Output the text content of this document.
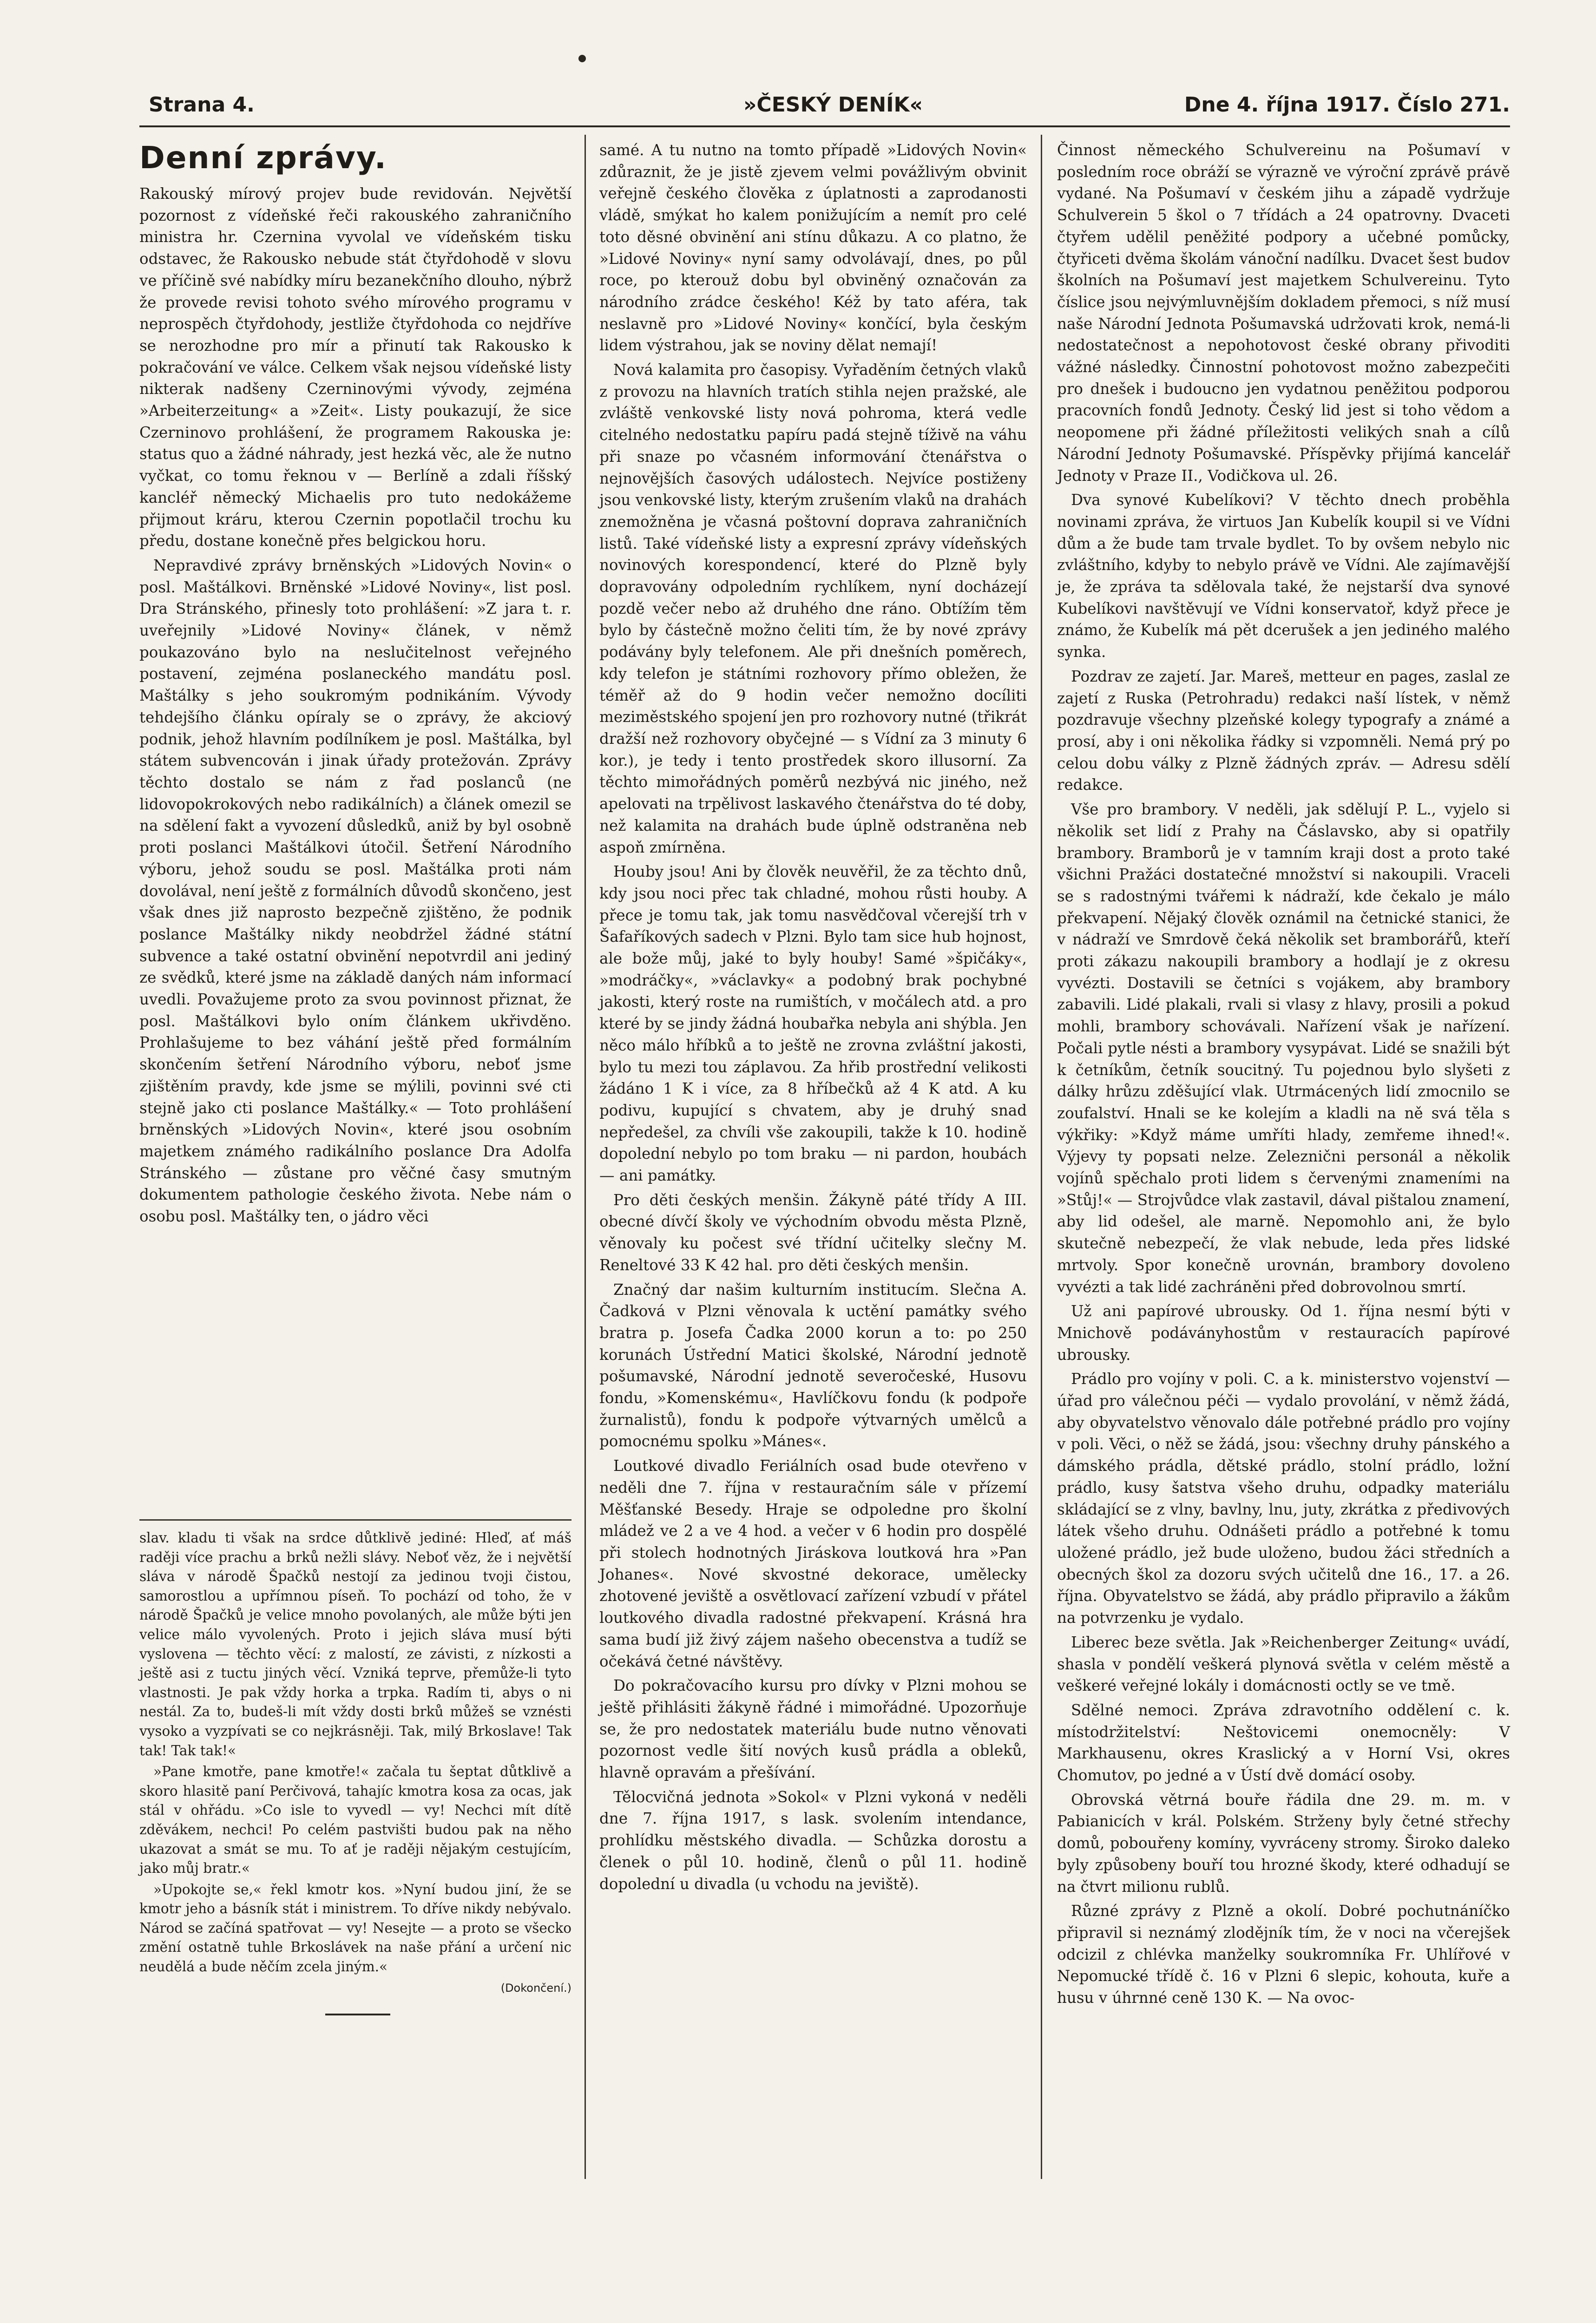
Strana 4.	»ČESKÝ DENÍK«	Dne 4. října 1917. Číslo 271.
Denní zprávy.

Rakouský mírový projev bude revidován. Největší pozornost z vídeňské řeči rakouského zahraničního ministra hr. Czernina vyvolal ve vídeňském tisku odstavec, že Rakousko nebude stát čtyřdohodě v slovu ve příčině své nabídky míru bezanekčního dlouho, nýbrž že provede revisi tohoto svého mírového programu v neprospěch čtyřdohody, jestliže čtyřdohoda co nejdříve se nerozhodne pro mír a přinutí tak Rakousko k pokračování ve válce. Celkem však nejsou vídeňské listy nikterak nadšeny Czerninovými vývody, zejména »Arbeiterzeitung« a »Zeit«. Listy poukazují, že sice Czerninovo prohlášení, že programem Rakouska je: status quo a žádné náhrady, jest hezká věc, ale že nutno vyčkat, co tomu řeknou v — Berlíně a zdali říšský kancléř německý Michaelis pro tuto nedokážeme přijmout kráru, kterou Czernin popotlačil trochu ku předu, dostane konečně přes belgickou horu.

Nepravdivé zprávy brněnských »Lidových Novin« o posl. Maštálkovi. Brněnské »Lidové Noviny«, list posl. Dra Stránského, přinesly toto prohlášení: »Z jara t. r. uveřejnily »Lidové Noviny« článek, v němž poukazováno bylo na neslučitelnost veřejného postavení, zejména poslaneckého mandátu posl. Maštálky s jeho soukromým podnikáním. Vývody tehdejšího článku opíraly se o zprávy, že akciový podnik, jehož hlavním podílníkem je posl. Maštálka, byl státem subvencován i jinak úřady protežován. Zprávy těchto dostalo se nám z řad poslanců (ne lidovopokrokových nebo radikálních) a článek omezil se na sdělení fakt a vyvození důsledků, aniž by byl osobně proti poslanci Maštálkovi útočil. Šetření Národního výboru, jehož soudu se posl. Maštálka proti nám dovolával, není ještě z formálních důvodů skončeno, jest však dnes již naprosto bezpečně zjištěno, že podnik poslance Maštálky nikdy neobdržel žádné státní subvence a také ostatní obvinění nepotvrdil ani jediný ze svědků, které jsme na základě daných nám informací uvedli. Považujeme proto za svou povinnost přiznat, že posl. Maštálkovi bylo oním článkem ukřivděno. Prohlašujeme to bez váhání ještě před formálním skončením šetření Národního výboru, neboť jsme zjištěním pravdy, kde jsme se mýlili, povinni své cti stejně jako cti poslance Maštálky.« — Toto prohlášení brněnských »Lidových Novin«, které jsou osobním majetkem známého radikálního poslance Dra Adolfa Stránského — zůstane pro věčné časy smutným dokumentem pathologie českého života. Nebe nám o osobu posl. Maštálky ten, o jádro věci

slav. kladu ti však na srdce důtklivě jediné: Hleď, ať máš raději více prachu a brků nežli slávy. Neboť věz, že i největší sláva v národě Špačků nestojí za jedinou tvoji čistou, samorostlou a upřímnou píseň. To pochází od toho, že v národě Špačků je velice mnoho povolaných, ale může býti jen velice málo vyvolených. Proto i jejich sláva musí býti vyslovena — těchto věcí: z malostí, ze závisti, z nízkosti a ještě asi z tuctu jiných věcí. Vzniká teprve, přemůže-li tyto vlastnosti. Je pak vždy horka a trpka. Radím ti, abys o ni nestál. Za to, budeš-li mít vždy dosti brků můžeš se vznésti vysoko a vyzpívati se co nejkrásněji. Tak, milý Brkoslave! Tak tak! Tak tak!«

»Pane kmotře, pane kmotře!« začala tu šeptat důtklivě a skoro hlasitě paní Perčivová, tahajíc kmotra kosa za ocas, jak stál v ohřádu. »Co isle to vyvedl — vy! Nechci mít dítě zděvákem, nechci! Po celém pastvišti budou pak na něho ukazovat a smát se mu. To ať je raději nějakým cestujícím, jako můj bratr.«

»Upokojte se,« řekl kmotr kos. »Nyní budou jiní, že se kmotr jeho a básník stát i ministrem. To dříve nikdy nebývalo. Národ se začíná spatřovat — vy! Nesejte — a proto se všecko změní ostatně tuhle Brkoslávek na naše přání a určení nic neudělá a bude něčím zcela jiným.«

(Dokončení.)

samé. A tu nutno na tomto případě »Lidových Novin« zdůraznit, že je jistě zjevem velmi povážlivým obvinit veřejně českého člověka z úplatnosti a zaprodanosti vládě, smýkat ho kalem ponižujícím a nemít pro celé toto děsné obvinění ani stínu důkazu. A co platno, že »Lidové Noviny« nyní samy odvolávají, dnes, po půl roce, po kterouž dobu byl obviněný označován za národního zrádce českého! Kéž by tato aféra, tak neslavně pro »Lidové Noviny« končící, byla českým lidem výstrahou, jak se noviny dělat nemají!

Nová kalamita pro časopisy. Vyřaděním četných vlaků z provozu na hlavních tratích stihla nejen pražské, ale zvláště venkovské listy nová pohroma, která vedle citelného nedostatku papíru padá stejně tíživě na váhu při snaze po včasném informování čtenářstva o nejnovějších časových událostech. Nejvíce postiženy jsou venkovské listy, kterým zrušením vlaků na drahách znemožněna je včasná poštovní doprava zahraničních listů. Také vídeňské listy a expresní zprávy vídeňských novinových korespondencí, které do Plzně byly dopravovány odpoledním rychlíkem, nyní docházejí pozdě večer nebo až druhého dne ráno. Obtížím těm bylo by částečně možno čeliti tím, že by nové zprávy podávány byly telefonem. Ale při dnešních poměrech, kdy telefon je státními rozhovory přímo obležen, že téměř až do 9 hodin večer nemožno docíliti meziměstského spojení jen pro rozhovory nutné (třikrát dražší než rozhovory obyčejné — s Vídní za 3 minuty 6 kor.), je tedy i tento prostředek skoro illusorní. Za těchto mimořádných poměrů nezbývá nic jiného, než apelovati na trpělivost laskavého čtenářstva do té doby, než kalamita na drahách bude úplně odstraněna neb aspoň zmírněna.

Houby jsou! Ani by člověk neuvěřil, že za těchto dnů, kdy jsou noci přec tak chladné, mohou růsti houby. A přece je tomu tak, jak tomu nasvědčoval včerejší trh v Šafaříkových sadech v Plzni. Bylo tam sice hub hojnost, ale bože můj, jaké to byly houby! Samé »špičáky«, »modráčky«, »václavky« a podobný brak pochybné jakosti, který roste na rumištích, v močálech atd. a pro které by se jindy žádná houbařka nebyla ani shýbla. Jen něco málo hříbků a to ještě ne zrovna zvláštní jakosti, bylo tu mezi tou záplavou. Za hřib prostřední velikosti žádáno 1 K i více, za 8 hříbečků až 4 K atd. A ku podivu, kupující s chvatem, aby je druhý snad nepředešel, za chvíli vše zakoupili, takže k 10. hodině dopolední nebylo po tom braku — ni pardon, houbách — ani památky.

Pro děti českých menšin. Žákyně páté třídy A III. obecné dívčí školy ve východním obvodu města Plzně, věnovaly ku počest své třídní učitelky slečny M. Reneltové 33 K 42 hal. pro děti českých menšin.

Značný dar našim kulturním institucím. Slečna A. Čadková v Plzni věnovala k uctění památky svého bratra p. Josefa Čadka 2000 korun a to: po 250 korunách Ústřední Matici školské, Národní jednotě pošumavské, Národní jednotě severočeské, Husovu fondu, »Komenskému«, Havlíčkovu fondu (k podpoře žurnalistů), fondu k podpoře výtvarných umělců a pomocnému spolku »Mánes«.

Loutkové divadlo Feriálních osad bude otevřeno v neděli dne 7. října v restauračním sále v přízemí Měšťanské Besedy. Hraje se odpoledne pro školní mládež ve 2 a ve 4 hod. a večer v 6 hodin pro dospělé při stolech hodnotných Jiráskova loutková hra »Pan Johanes«. Nové skvostné dekorace, umělecky zhotovené jeviště a osvětlovací zařízení vzbudí v přátel loutkového divadla radostné překvapení. Krásná hra sama budí již živý zájem našeho obecenstva a tudíž se očekává četné návštěvy.

Do pokračovacího kursu pro dívky v Plzni mohou se ještě přihlásiti žákyně řádné i mimořádné. Upozorňuje se, že pro nedostatek materiálu bude nutno věnovati pozornost vedle šití nových kusů prádla a obleků, hlavně opravám a přešívání.

Tělocvičná jednota »Sokol« v Plzni vykoná v neděli dne 7. října 1917, s lask. svolením intendance, prohlídku městského divadla. — Schůzka dorostu a členek o půl 10. hodině, členů o půl 11. hodině dopolední u divadla (u vchodu na jeviště).

Činnost německého Schulvereinu na Pošumaví v posledním roce obráží se výrazně ve výroční zprávě právě vydané. Na Pošumaví v českém jihu a západě vydržuje Schulverein 5 škol o 7 třídách a 24 opatrovny. Dvaceti čtyřem udělil peněžité podpory a učebné pomůcky, čtyřiceti dvěma školám vánoční nadílku. Dvacet šest budov školních na Pošumaví jest majetkem Schulvereinu. Tyto číslice jsou nejvýmluvnějším dokladem přemoci, s níž musí naše Národní Jednota Pošumavská udržovati krok, nemá-li nedostatečnost a nepohotovost české obrany přivoditi vážné následky. Činnostní pohotovost možno zabezpečiti pro dnešek i budoucno jen vydatnou peněžitou podporou pracovních fondů Jednoty. Český lid jest si toho vědom a neopomene při žádné příležitosti velikých snah a cílů Národní Jednoty Pošumavské. Příspěvky přijímá kancelář Jednoty v Praze II., Vodičkova ul. 26.

Dva synové Kubelíkovi? V těchto dnech proběhla novinami zpráva, že virtuos Jan Kubelík koupil si ve Vídni dům a že bude tam trvale bydlet. To by ovšem nebylo nic zvláštního, kdyby to nebylo právě ve Vídni. Ale zajímavější je, že zpráva ta sdělovala také, že nejstarší dva synové Kubelíkovi navštěvují ve Vídni konservatoř, když přece je známo, že Kubelík má pět dcerušek a jen jediného malého synka.

Pozdrav ze zajetí. Jar. Mareš, metteur en pages, zaslal ze zajetí z Ruska (Petrohradu) redakci naší lístek, v němž pozdravuje všechny plzeňské kolegy typografy a známé a prosí, aby i oni několika řádky si vzpomněli. Nemá prý po celou dobu války z Plzně žádných zpráv. — Adresu sdělí redakce.

Vše pro brambory. V neděli, jak sdělují P. L., vyjelo si několik set lidí z Prahy na Čáslavsko, aby si opatřily brambory. Bramborů je v tamním kraji dost a proto také všichni Pražáci dostatečné množství si nakoupili. Vraceli se s radostnými tvářemi k nádraží, kde čekalo je málo překvapení. Nějaký člověk oznámil na četnické stanici, že v nádraží ve Smrdově čeká několik set bramborářů, kteří proti zákazu nakoupili brambory a hodlají je z okresu vyvézti. Dostavili se četníci s vojákem, aby brambory zabavili. Lidé plakali, rvali si vlasy z hlavy, prosili a pokud mohli, brambory schovávali. Nařízení však je nařízení. Počali pytle nésti a brambory vysypávat. Lidé se snažili být k četníkům, četník soucitný. Tu pojednou bylo slyšeti z dálky hrůzu zděšující vlak. Utrmácených lidí zmocnilo se zoufalství. Hnali se ke kolejím a kladli na ně svá těla s výkřiky: »Když máme umříti hlady, zemřeme ihned!«. Výjevy ty popsati nelze. Zeleznični personál a několik vojínů spěchalo proti lidem s červenými znameními na »Stůj!« — Strojvůdce vlak zastavil, dával pištalou znamení, aby lid odešel, ale marně. Nepomohlo ani, že bylo skutečně nebezpečí, že vlak nebude, leda přes lidské mrtvoly. Spor konečně urovnán, brambory dovoleno vyvézti a tak lidé zachráněni před dobrovolnou smrtí.

Už ani papírové ubrousky. Od 1. října nesmí býti v Mnichově podáványhostům v restauracích papírové ubrousky.

Prádlo pro vojíny v poli. C. a k. ministerstvo vojenství — úřad pro válečnou péči — vydalo provolání, v němž žádá, aby obyvatelstvo věnovalo dále potřebné prádlo pro vojíny v poli. Věci, o něž se žádá, jsou: všechny druhy pánského a dámského prádla, dětské prádlo, stolní prádlo, ložní prádlo, kusy šatstva všeho druhu, odpadky materiálu skládající se z vlny, bavlny, lnu, juty, zkrátka z předivových látek všeho druhu. Odnášeti prádlo a potřebné k tomu uložené prádlo, jež bude uloženo, budou žáci středních a obecných škol za dozoru svých učitelů dne 16., 17. a 26. října. Obyvatelstvo se žádá, aby prádlo připravilo a žákům na potvrzenku je vydalo.

Liberec beze světla. Jak »Reichenberger Zeitung« uvádí, shasla v pondělí veškerá plynová světla v celém městě a veškeré veřejné lokály i domácnosti octly se ve tmě.

Sdělné nemoci. Zpráva zdravotního oddělení c. k. místodržitelství: Neštovicemi onemocněly: V Markhausenu, okres Kraslický a v Horní Vsi, okres Chomutov, po jedné a v Ústí dvě domácí osoby.

Obrovská větrná bouře řádila dne 29. m. m. v Pabianicích v král. Polském. Strženy byly četné střechy domů, pobouřeny komíny, vyvráceny stromy. Široko daleko byly způsobeny bouří tou hrozné škody, které odhadují se na čtvrt milionu rublů.

Různé zprávy z Plzně a okolí. Dobré pochutnáníčko připravil si neznámý zlodějník tím, že v noci na včerejšek odcizil z chlévka manželky soukromníka Fr. Uhlířové v Nepomucké třídě č. 16 v Plzni 6 slepic, kohouta, kuře a husu v úhrnné ceně 130 K. — Na ovoc-
